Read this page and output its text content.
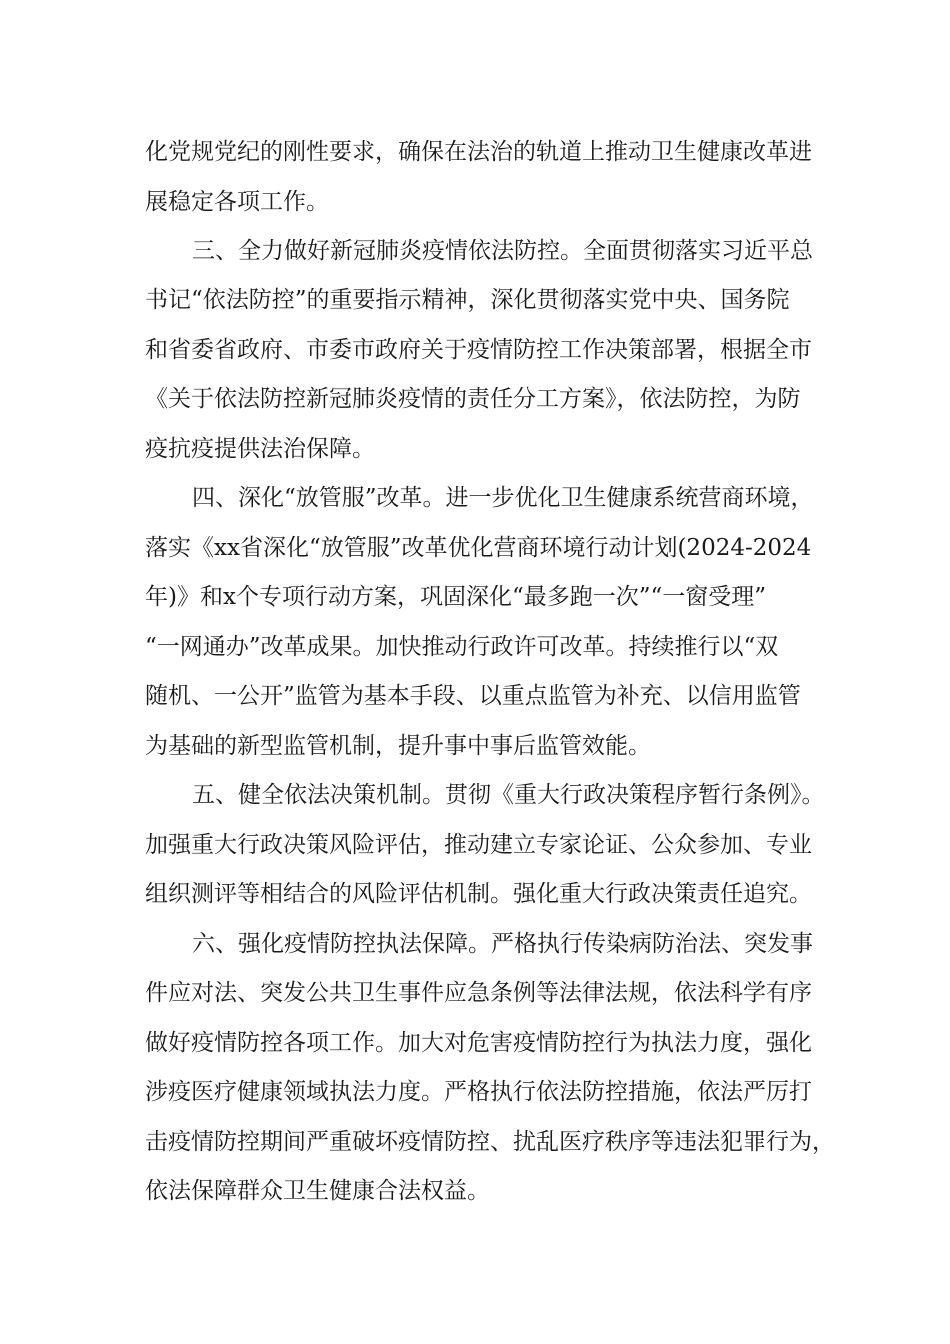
化党规党纪的刚性要求，确保在法治的轨道上推动卫生健康改革进
展稳定各项工作。
三、全力做好新冠肺炎疫情依法防控。全面贯彻落实习近平总
书记“依法防控”的重要指示精神，深化贯彻落实党中央、国务院
和省委省政府、市委市政府关于疫情防控工作决策部署，根据全市
《关于依法防控新冠肺炎疫情的责任分工方案》，依法防控，为防
疫抗疫提供法治保障。
四、深化“放管服”改革。进一步优化卫生健康系统营商环境，
落实《xx省深化“放管服”改革优化营商环境行动计划(2024-2024
年)》和x个专项行动方案，巩固深化“最多跑一次”“一窗受理”
“一网通办”改革成果。加快推动行政许可改革。持续推行以“双
随机、一公开”监管为基本手段、以重点监管为补充、以信用监管
为基础的新型监管机制，提升事中事后监管效能。
五、健全依法决策机制。贯彻《重大行政决策程序暂行条例》。
加强重大行政决策风险评估，推动建立专家论证、公众参加、专业
组织测评等相结合的风险评估机制。强化重大行政决策责任追究。
六、强化疫情防控执法保障。严格执行传染病防治法、突发事
件应对法、突发公共卫生事件应急条例等法律法规，依法科学有序
做好疫情防控各项工作。加大对危害疫情防控行为执法力度，强化
涉疫医疗健康领域执法力度。严格执行依法防控措施，依法严厉打
击疫情防控期间严重破坏疫情防控、扰乱医疗秩序等违法犯罪行为，
依法保障群众卫生健康合法权益。
